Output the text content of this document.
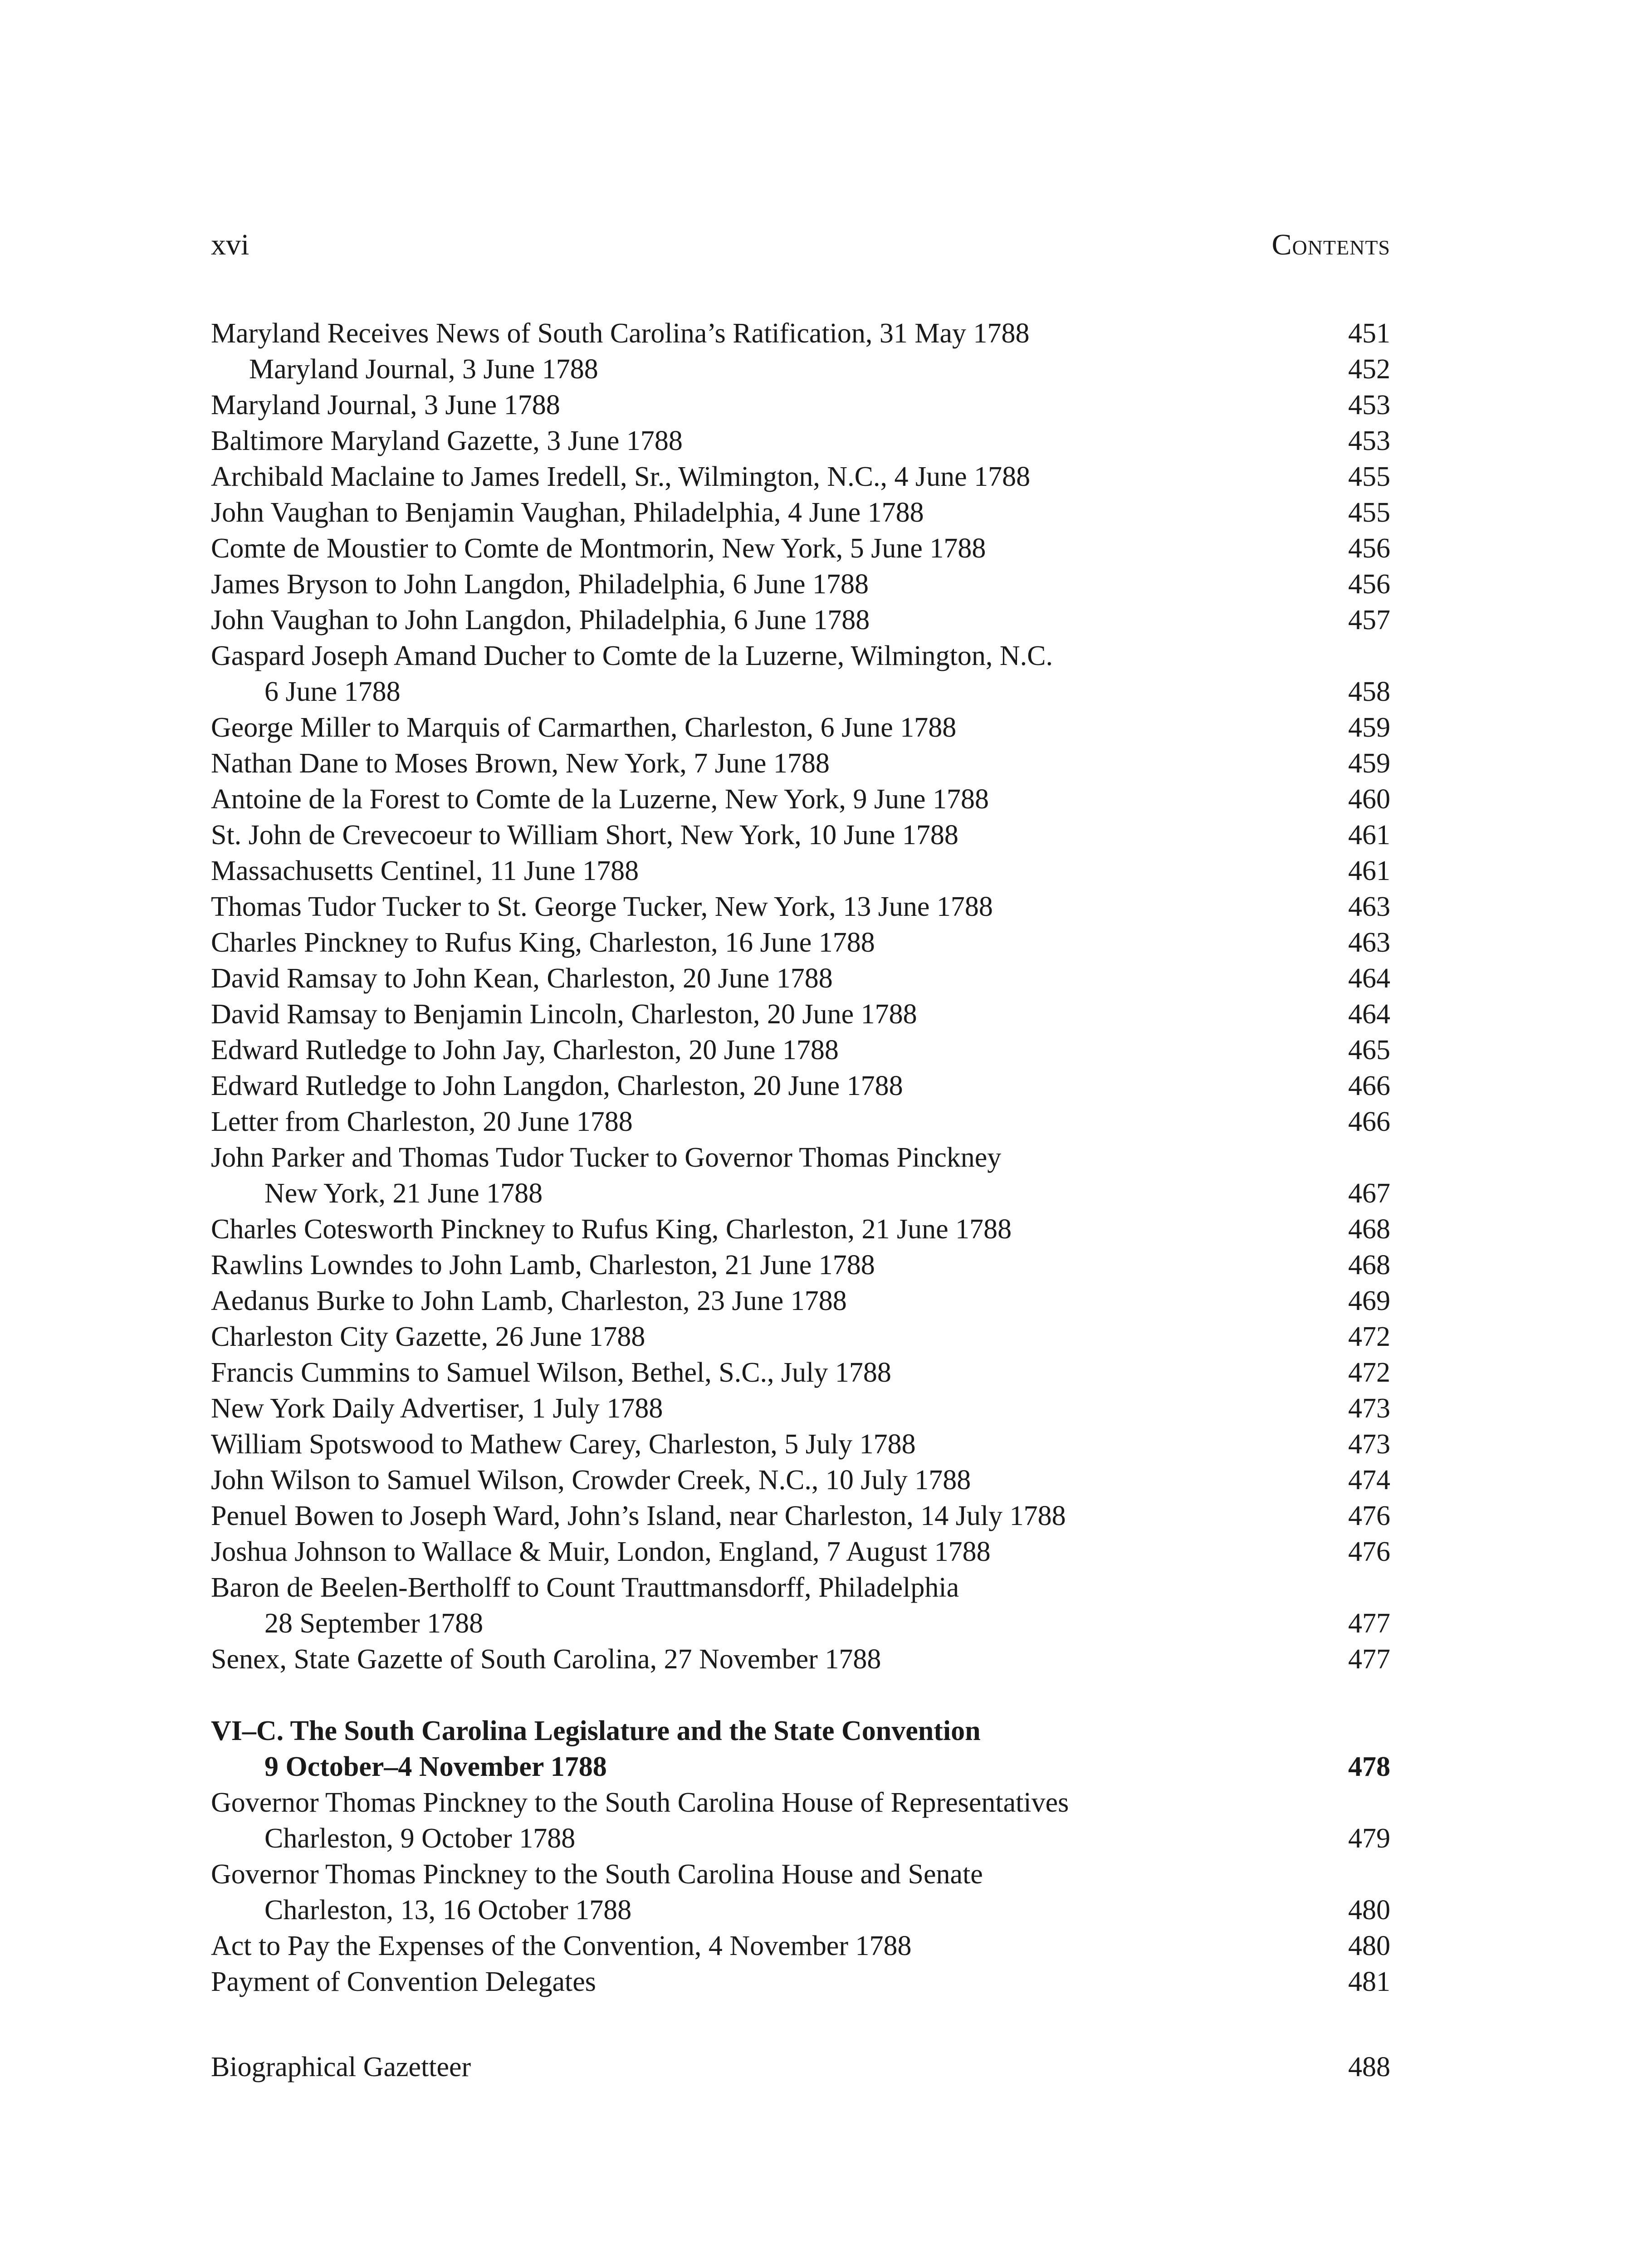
xvi	Contents
Maryland Receives News of South Carolina’s Ratification, 31 May 1788	451
Maryland Journal, 3 June 1788	452
Maryland Journal, 3 June 1788	453
Baltimore Maryland Gazette, 3 June 1788	453
Archibald Maclaine to James Iredell, Sr., Wilmington, N.C., 4 June 1788	455
John Vaughan to Benjamin Vaughan, Philadelphia, 4 June 1788	455
Comte de Moustier to Comte de Montmorin, New York, 5 June 1788	456
James Bryson to John Langdon, Philadelphia, 6 June 1788	456
John Vaughan to John Langdon, Philadelphia, 6 June 1788	457
Gaspard Joseph Amand Ducher to Comte de la Luzerne, Wilmington, N.C.
6 June 1788	458
George Miller to Marquis of Carmarthen, Charleston, 6 June 1788	459
Nathan Dane to Moses Brown, New York, 7 June 1788	459
Antoine de la Forest to Comte de la Luzerne, New York, 9 June 1788	460
St. John de Crevecoeur to William Short, New York, 10 June 1788	461
Massachusetts Centinel, 11 June 1788	461
Thomas Tudor Tucker to St. George Tucker, New York, 13 June 1788	463
Charles Pinckney to Rufus King, Charleston, 16 June 1788	463
David Ramsay to John Kean, Charleston, 20 June 1788	464
David Ramsay to Benjamin Lincoln, Charleston, 20 June 1788	464
Edward Rutledge to John Jay, Charleston, 20 June 1788	465
Edward Rutledge to John Langdon, Charleston, 20 June 1788	466
Letter from Charleston, 20 June 1788	466
John Parker and Thomas Tudor Tucker to Governor Thomas Pinckney
New York, 21 June 1788	467
Charles Cotesworth Pinckney to Rufus King, Charleston, 21 June 1788	468
Rawlins Lowndes to John Lamb, Charleston, 21 June 1788	468
Aedanus Burke to John Lamb, Charleston, 23 June 1788	469
Charleston City Gazette, 26 June 1788	472
Francis Cummins to Samuel Wilson, Bethel, S.C., July 1788	472
New York Daily Advertiser, 1 July 1788	473
William Spotswood to Mathew Carey, Charleston, 5 July 1788	473
John Wilson to Samuel Wilson, Crowder Creek, N.C., 10 July 1788	474
Penuel Bowen to Joseph Ward, John’s Island, near Charleston, 14 July 1788	476
Joshua Johnson to Wallace & Muir, London, England, 7 August 1788	476
Baron de Beelen-Bertholff to Count Trauttmansdorff, Philadelphia
28 September 1788	477
Senex, State Gazette of South Carolina, 27 November 1788	477
VI–C. The South Carolina Legislature and the State Convention
9 October–4 November 1788	478
Governor Thomas Pinckney to the South Carolina House of Representatives
Charleston, 9 October 1788	479
Governor Thomas Pinckney to the South Carolina House and Senate
Charleston, 13, 16 October 1788	480
Act to Pay the Expenses of the Convention, 4 November 1788	480
Payment of Convention Delegates	481
Biographical Gazetteer	488
